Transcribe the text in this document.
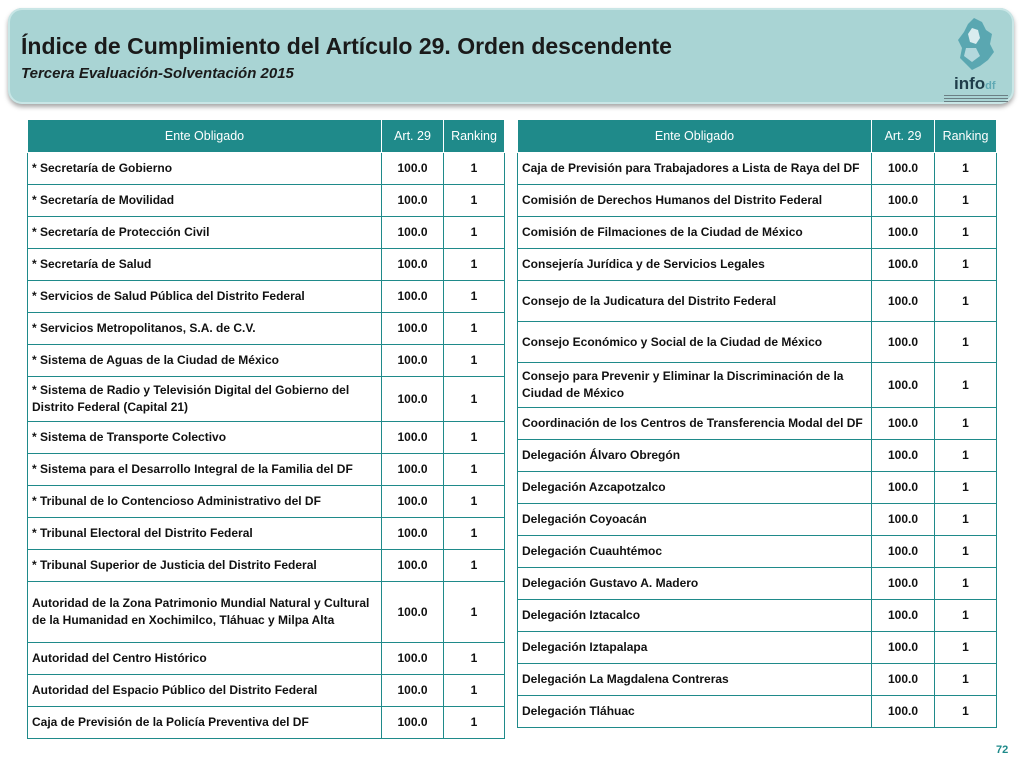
Índice de Cumplimiento del Artículo 29. Orden descendente
Tercera Evaluación-Solventación 2015
infodf
Ente Obligado	Art. 29	Ranking
* Secretaría de Gobierno	100.0	1
* Secretaría de Movilidad	100.0	1
* Secretaría de Protección Civil	100.0	1
* Secretaría de Salud	100.0	1
* Servicios de Salud Pública del Distrito Federal	100.0	1
* Servicios Metropolitanos, S.A. de C.V.	100.0	1
* Sistema de Aguas de la Ciudad de México	100.0	1
* Sistema de Radio y Televisión Digital del Gobierno del Distrito Federal (Capital 21)	100.0	1
* Sistema de Transporte Colectivo	100.0	1
* Sistema para el Desarrollo Integral de la Familia del DF	100.0	1
* Tribunal de lo Contencioso Administrativo del DF	100.0	1
* Tribunal Electoral del Distrito Federal	100.0	1
* Tribunal Superior de Justicia del Distrito Federal	100.0	1
Autoridad de la Zona Patrimonio Mundial Natural y Cultural de la Humanidad en Xochimilco, Tláhuac y Milpa Alta	100.0	1
Autoridad del Centro Histórico	100.0	1
Autoridad del Espacio Público del Distrito Federal	100.0	1
Caja de Previsión de la Policía Preventiva del DF	100.0	1
Ente Obligado	Art. 29	Ranking
Caja de Previsión para Trabajadores a Lista de Raya del DF	100.0	1
Comisión de Derechos Humanos del Distrito Federal	100.0	1
Comisión de Filmaciones de la Ciudad de México	100.0	1
Consejería Jurídica y de Servicios Legales	100.0	1
Consejo de la Judicatura del Distrito Federal	100.0	1
Consejo Económico y Social de la Ciudad de México	100.0	1
Consejo para Prevenir y Eliminar la Discriminación de la Ciudad de México	100.0	1
Coordinación de los Centros de Transferencia Modal del DF	100.0	1
Delegación Álvaro Obregón	100.0	1
Delegación Azcapotzalco	100.0	1
Delegación Coyoacán	100.0	1
Delegación Cuauhtémoc	100.0	1
Delegación Gustavo A. Madero	100.0	1
Delegación Iztacalco	100.0	1
Delegación Iztapalapa	100.0	1
Delegación La Magdalena Contreras	100.0	1
Delegación Tláhuac	100.0	1
72
